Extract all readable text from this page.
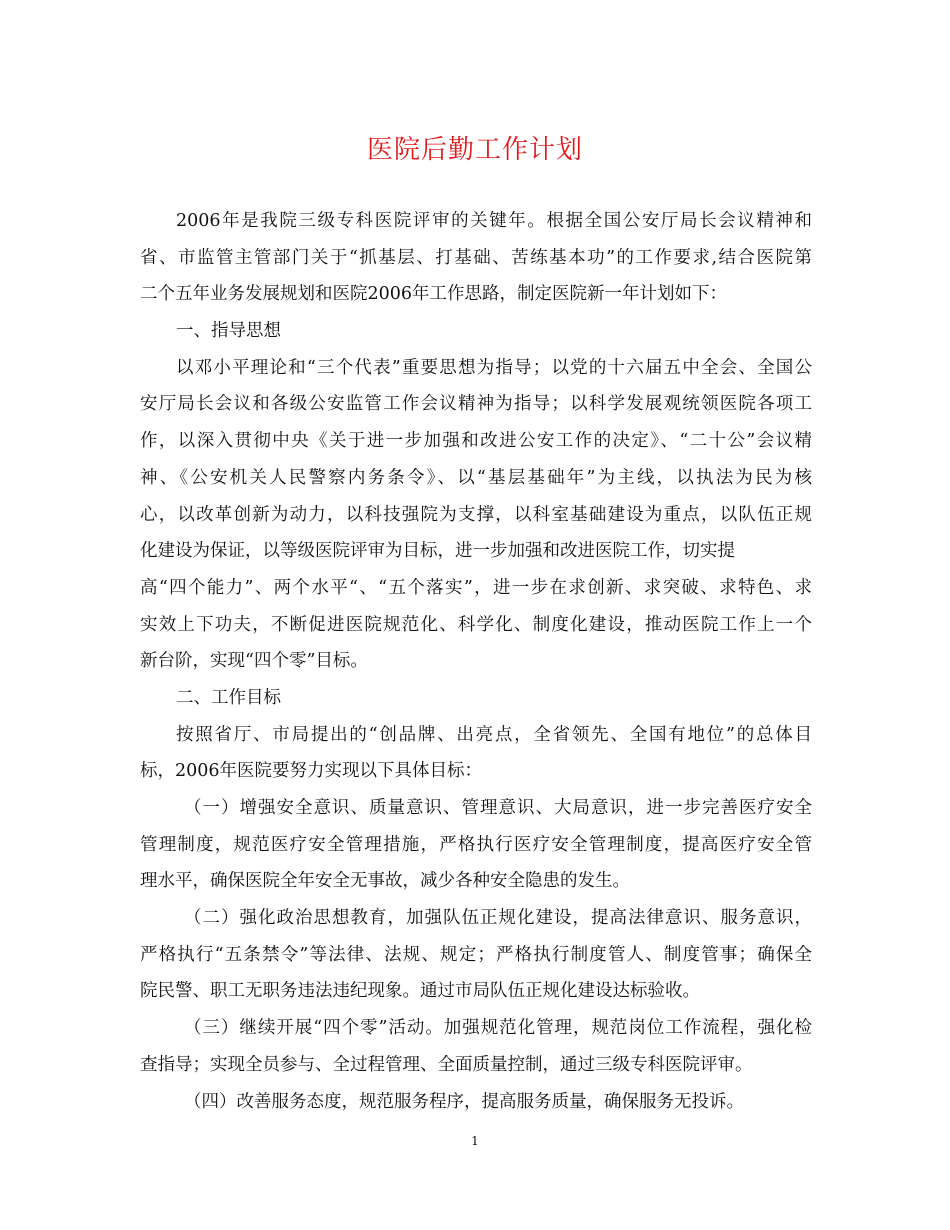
医院后勤工作计划
2006年是我院三级专科医院评审的关键年。根据全国公安厅局长会议精神和
省、市监管主管部门关于“抓基层、打基础、苦练基本功”的工作要求,结合医院第
二个五年业务发展规划和医院2006年工作思路，制定医院新一年计划如下：
一、指导思想
以邓小平理论和“三个代表”重要思想为指导；以党的十六届五中全会、全国公
安厅局长会议和各级公安监管工作会议精神为指导；以科学发展观统领医院各项工
作，以深入贯彻中央《关于进一步加强和改进公安工作的决定》、“二十公”会议精
神、《公安机关人民警察内务条令》、以“基层基础年”为主线，以执法为民为核
心，以改革创新为动力，以科技强院为支撑，以科室基础建设为重点，以队伍正规
化建设为保证，以等级医院评审为目标，进一步加强和改进医院工作，切实提
高“四个能力”、两个水平“、“五个落实”，进一步在求创新、求突破、求特色、求
实效上下功夫，不断促进医院规范化、科学化、制度化建设，推动医院工作上一个
新台阶，实现“四个零”目标。
二、工作目标
按照省厅、市局提出的“创品牌、出亮点，全省领先、全国有地位”的总体目
标，2006年医院要努力实现以下具体目标：
（一）增强安全意识、质量意识、管理意识、大局意识，进一步完善医疗安全
管理制度，规范医疗安全管理措施，严格执行医疗安全管理制度，提高医疗安全管
理水平，确保医院全年安全无事故，减少各种安全隐患的发生。
（二）强化政治思想教育，加强队伍正规化建设，提高法律意识、服务意识，
严格执行“五条禁令”等法律、法规、规定；严格执行制度管人、制度管事；确保全
院民警、职工无职务违法违纪现象。通过市局队伍正规化建设达标验收。
（三）继续开展“四个零”活动。加强规范化管理，规范岗位工作流程，强化检
查指导；实现全员参与、全过程管理、全面质量控制，通过三级专科医院评审。
（四）改善服务态度，规范服务程序，提高服务质量，确保服务无投诉。
1
